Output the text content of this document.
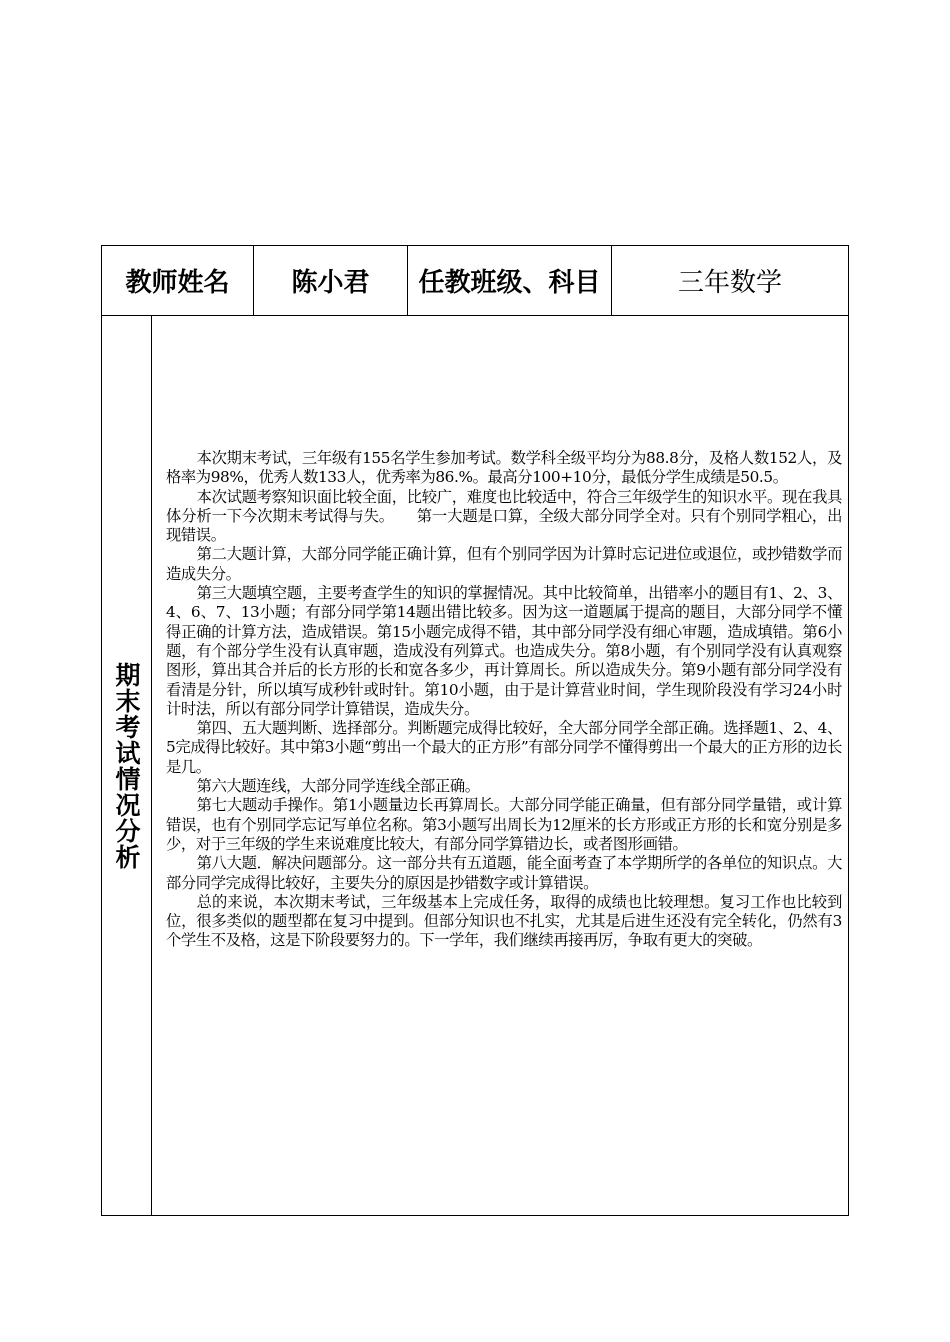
教师姓名	陈小君	任教班级、科目	三年数学
期末考试情况分析

本次期末考试，三年级有155名学生参加考试。数学科全级平均分为88.8分，及格人数152人，及格率为98%，优秀人数133人，优秀率为86.%。最高分100+10分，最低分学生成绩是50.5。

本次试题考察知识面比较全面，比较广，难度也比较适中，符合三年级学生的知识水平。现在我具体分析一下今次期末考试得与失。　　第一大题是口算，全级大部分同学全对。只有个别同学粗心，出现错误。

第二大题计算，大部分同学能正确计算，但有个别同学因为计算时忘记进位或退位，或抄错数学而造成失分。

第三大题填空题，主要考查学生的知识的掌握情况。其中比较简单，出错率小的题目有1、2、3、4、6、7、13小题；有部分同学第14题出错比较多。因为这一道题属于提高的题目，大部分同学不懂得正确的计算方法，造成错误。第15小题完成得不错，其中部分同学没有细心审题，造成填错。第6小题，有个部分学生没有认真审题，造成没有列算式。也造成失分。第8小题，有个别同学没有认真观察图形，算出其合并后的长方形的长和宽各多少，再计算周长。所以造成失分。第9小题有部分同学没有看清是分针，所以填写成秒针或时针。第10小题，由于是计算营业时间，学生现阶段没有学习24小时计时法，所以有部分同学计算错误，造成失分。

第四、五大题判断、选择部分。判断题完成得比较好，全大部分同学全部正确。选择题1、2、4、5完成得比较好。其中第3小题“剪出一个最大的正方形”有部分同学不懂得剪出一个最大的正方形的边长是几。

第六大题连线，大部分同学连线全部正确。

第七大题动手操作。第1小题量边长再算周长。大部分同学能正确量，但有部分同学量错，或计算错误，也有个别同学忘记写单位名称。第3小题写出周长为12厘米的长方形或正方形的长和宽分别是多少，对于三年级的学生来说难度比较大，有部分同学算错边长，或者图形画错。

第八大题．解决问题部分。这一部分共有五道题，能全面考查了本学期所学的各单位的知识点。大部分同学完成得比较好，主要失分的原因是抄错数字或计算错误。

总的来说，本次期末考试，三年级基本上完成任务，取得的成绩也比较理想。复习工作也比较到位，很多类似的题型都在复习中提到。但部分知识也不扎实，尤其是后进生还没有完全转化，仍然有3个学生不及格，这是下阶段要努力的。下一学年，我们继续再接再厉，争取有更大的突破。
